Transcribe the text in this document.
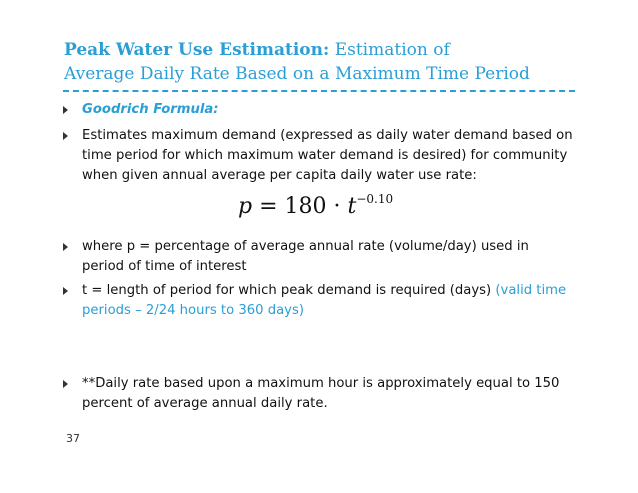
Peak Water Use Estimation: Estimation of
Average Daily Rate Based on a Maximum Time Period
Goodrich Formula:
Estimates maximum demand (expressed as daily water demand based on time period for which maximum water demand is desired) for community when given annual average per capita daily water use rate:
$p = 180 \cdot t^{-0.10}$
where p = percentage of average annual rate (volume/day) used in period of time of interest
t = length of period for which peak demand is required (days) (valid time periods – 2/24 hours to 360 days)
**Daily rate based upon a maximum hour is approximately equal to 150 percent of average annual daily rate.
37
